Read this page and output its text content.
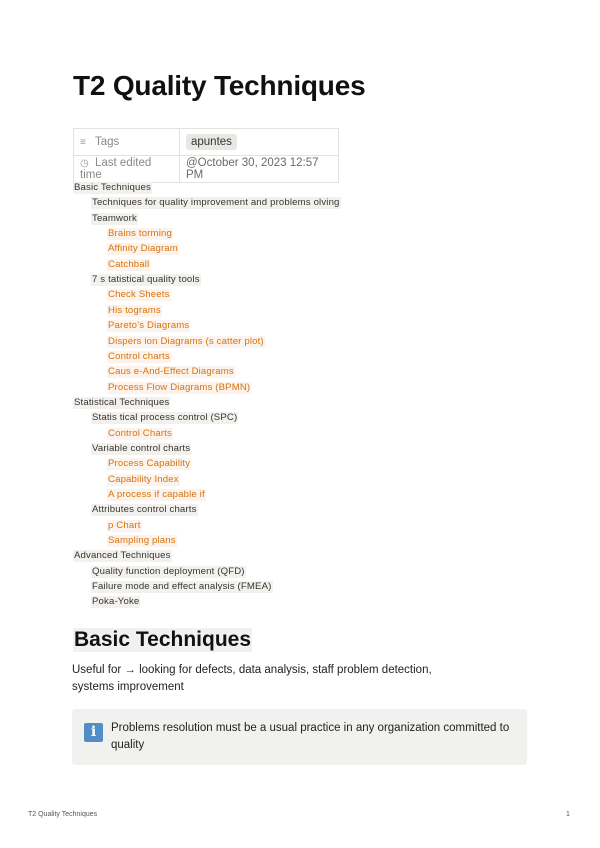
T2 Quality Techniques
≡ Tags	apuntes
◷ Last edited time	@October 30, 2023 12:57 PM
Basic Techniques
Techniques for quality improvement and problems olving
Teamwork
Brains torming
Affinity Diagram
Catchball
7 s tatistical quality tools
Check Sheets
His tograms
Pareto’s Diagrams
Dispers ion Diagrams (s catter plot)
Control charts
Caus e-And-Effect Diagrams
Process Flow Diagrams (BPMN)
Statistical Techniques
Statis tical process control (SPC)
Control Charts
Variable control charts
Process Capability
Capability Index
A process if capable if
Attributes control charts
p Chart
Sampling plans
Advanced Techniques
Quality function deployment (QFD)
Failure mode and effect analysis (FMEA)
Poka-Yoke
Basic Techniques

Useful for → looking for defects, data analysis, staff problem detection, systems improvement

i	Problems resolution must be a usual practice in any organization committed to quality

T2 Quality Techniques	1
